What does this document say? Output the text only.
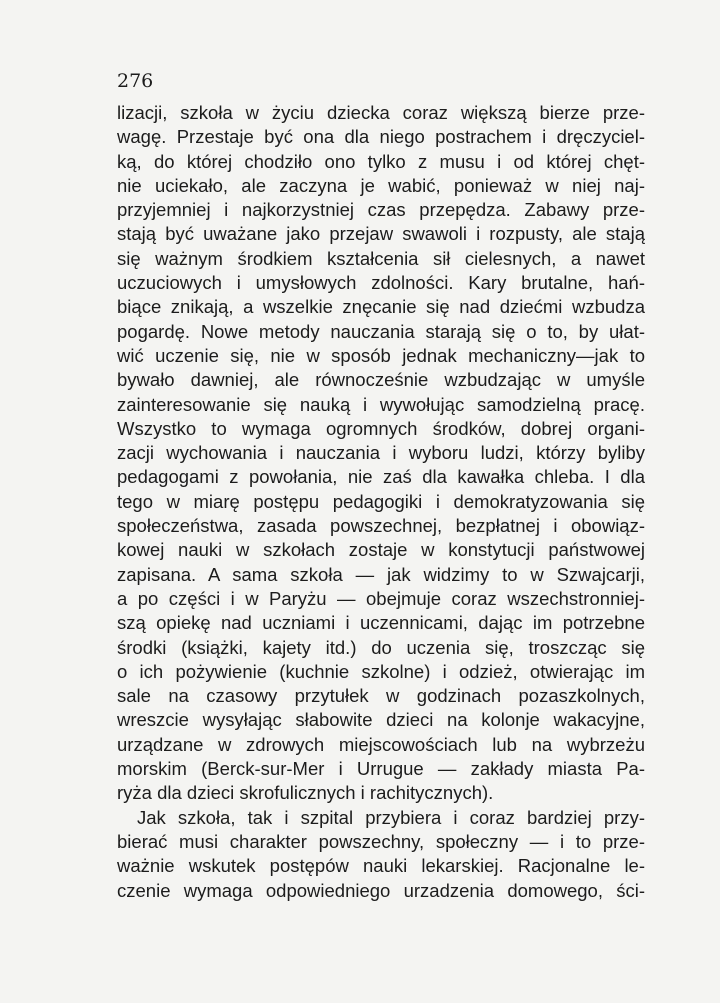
276
lizacji, szkoła w życiu dziecka coraz większą bierze prze-
wagę. Przestaje być ona dla niego postrachem i dręczyciel-
ką, do której chodziło ono tylko z musu i od której chęt-
nie uciekało, ale zaczyna je wabić, ponieważ w niej naj-
przyjemniej i najkorzystniej czas przepędza. Zabawy prze-
stają być uważane jako przejaw swawoli i rozpusty, ale stają
się ważnym środkiem kształcenia sił cielesnych, a nawet
uczuciowych i umysłowych zdolności. Kary brutalne, hań-
biące znikają, a wszelkie znęcanie się nad dziećmi wzbudza
pogardę. Nowe metody nauczania starają się o to, by ułat-
wić uczenie się, nie w sposób jednak mechaniczny—jak to
bywało dawniej, ale równocześnie wzbudzając w umyśle
zainteresowanie się nauką i wywołując samodzielną pracę.
Wszystko to wymaga ogromnych środków, dobrej organi-
zacji wychowania i nauczania i wyboru ludzi, którzy byliby
pedagogami z powołania, nie zaś dla kawałka chleba. I dla
tego w miarę postępu pedagogiki i demokratyzowania się
społeczeństwa, zasada powszechnej, bezpłatnej i obowiąz-
kowej nauki w szkołach zostaje w konstytucji państwowej
zapisana. A sama szkoła — jak widzimy to w Szwajcarji,
a po części i w Paryżu — obejmuje coraz wszechstronniej-
szą opiekę nad uczniami i uczennicami, dając im potrzebne
środki (książki, kajety itd.) do uczenia się, troszcząc się
o ich pożywienie (kuchnie szkolne) i odzież, otwierając im
sale na czasowy przytułek w godzinach pozaszkolnych,
wreszcie wysyłając słabowite dzieci na kolonje wakacyjne,
urządzane w zdrowych miejscowościach lub na wybrzeżu
morskim (Berck-sur-Mer i Urrugue — zakłady miasta Pa-
ryża dla dzieci skrofulicznych i rachitycznych).
Jak szkoła, tak i szpital przybiera i coraz bardziej przy-
bierać musi charakter powszechny, społeczny — i to prze-
ważnie wskutek postępów nauki lekarskiej. Racjonalne le-
czenie wymaga odpowiedniego urzadzenia domowego, ści-
